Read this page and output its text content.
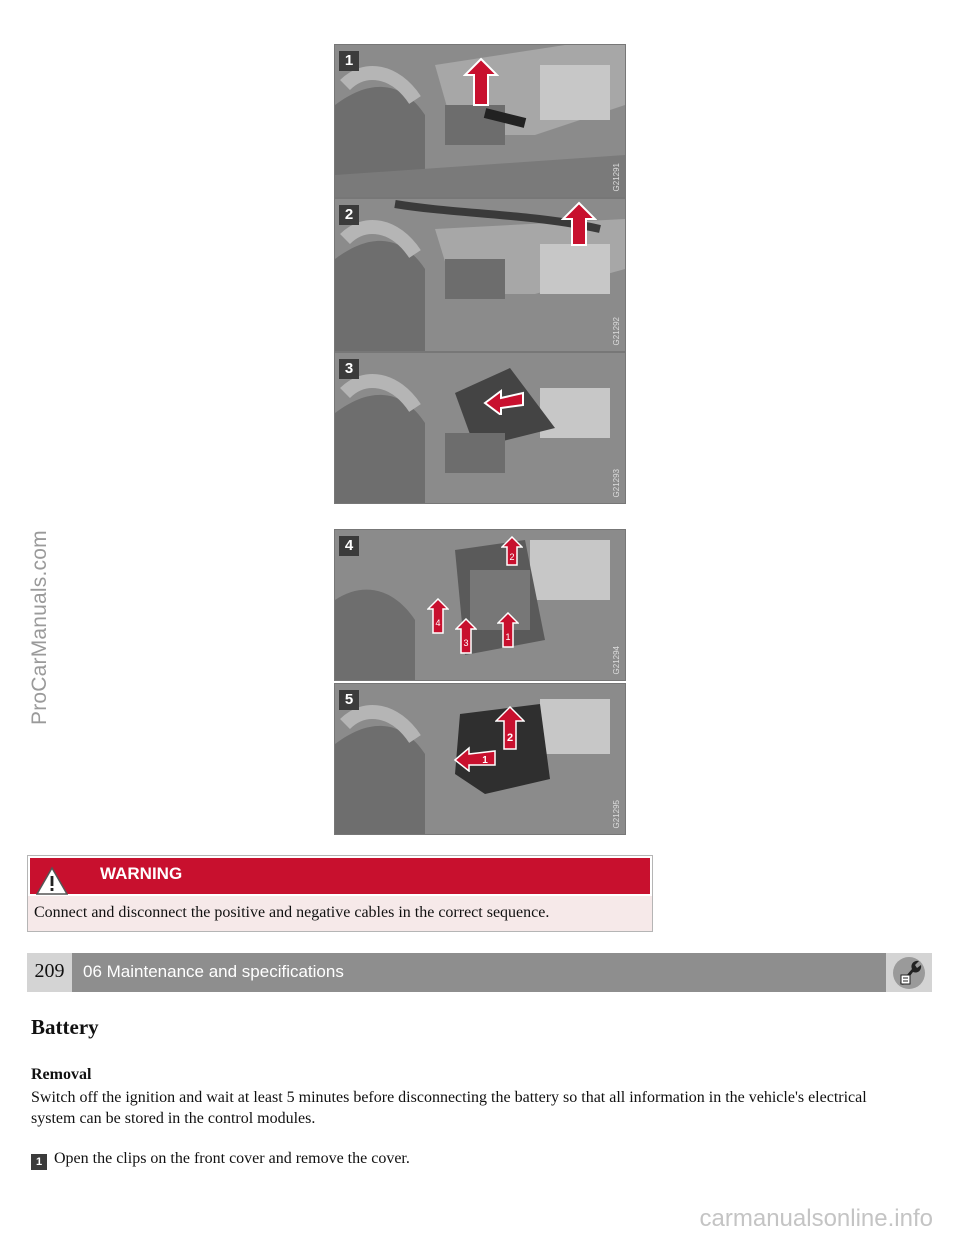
ProCarManuals.com
1
G21291
2
G21292
3
G21293
2
4
3
1
4
G21294
2
1
5
G21295
WARNING
Connect and disconnect the positive and negative cables in the correct sequence.
209	06 Maintenance and specifications
Battery
Removal
Switch off the ignition and wait at least 5 minutes before disconnecting the battery so that all information in the vehicle's electrical system can be stored in the control modules.
1 Open the clips on the front cover and remove the cover.
carmanualsonline.info
